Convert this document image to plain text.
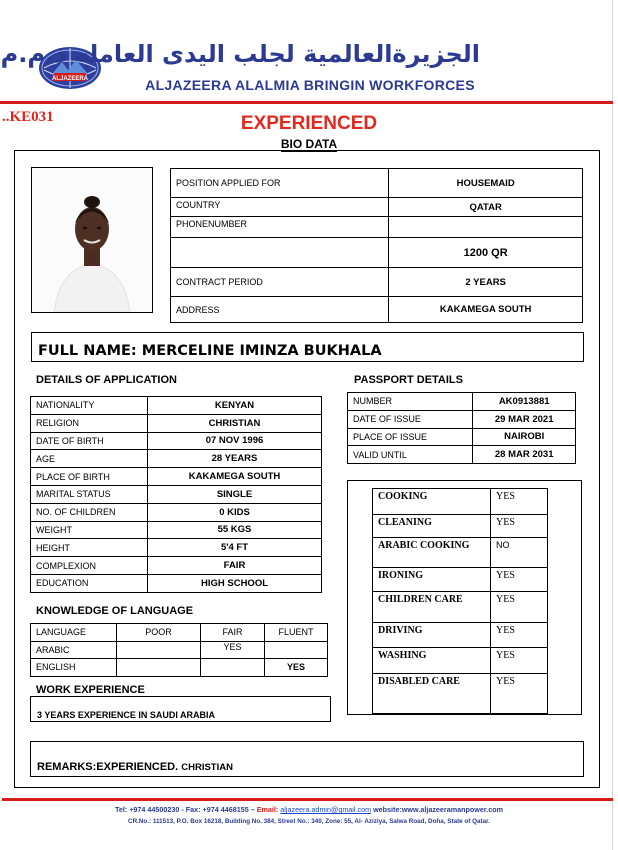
ALJAZEERA
الجزيرةالعالمية لجلب اليدى العامله ذ.م.م
ALJAZEERA ALALMIA BRINGIN WORKFORCES
..KE031	EXPERIENCED
BIO DATA
POSITION APPLIED FOR	HOUSEMAID
COUNTRY	QATAR
PHONENUMBER	
	1200 QR
CONTRACT PERIOD	2 YEARS
ADDRESS	KAKAMEGA SOUTH
FULL NAME: MERCELINE IMINZA BUKHALA
DETAILS OF APPLICATION
NATIONALITY	KENYAN
RELIGION	CHRISTIAN
DATE OF BIRTH	07 NOV 1996
AGE	28 YEARS
PLACE OF BIRTH	KAKAMEGA SOUTH
MARITAL STATUS	SINGLE
NO. OF CHILDREN	0 KIDS
WEIGHT	55 KGS
HEIGHT	5'4 FT
COMPLEXION	FAIR
EDUCATION	HIGH SCHOOL
PASSPORT DETAILS
NUMBER	AK0913881
DATE OF ISSUE	29 MAR 2021
PLACE OF ISSUE	NAIROBI
VALID UNTIL	28 MAR 2031
COOKING	YES
CLEANING	YES
ARABIC COOKING	NO
IRONING	YES
CHILDREN CARE	YES
DRIVING	YES
WASHING	YES
DISABLED CARE	YES
KNOWLEDGE OF LANGUAGE
LANGUAGE	POOR	FAIR	FLUENT
ARABIC		YES	
ENGLISH			YES
WORK EXPERIENCE
3 YEARS EXPERIENCE IN SAUDI ARABIA
REMARKS:EXPERIENCED. CHRISTIAN
Tel: +974 44500230 - Fax: +974 4468155 – Email: aljazeera.admin@gmail.com website:www.aljazeeramanpower.com
CR.No.: 111513, P.O. Box 16218, Building No. 384, Street No.: 340, Zone: 55, Al- Aziziya, Salwa Road, Doha, State of Qatar.
